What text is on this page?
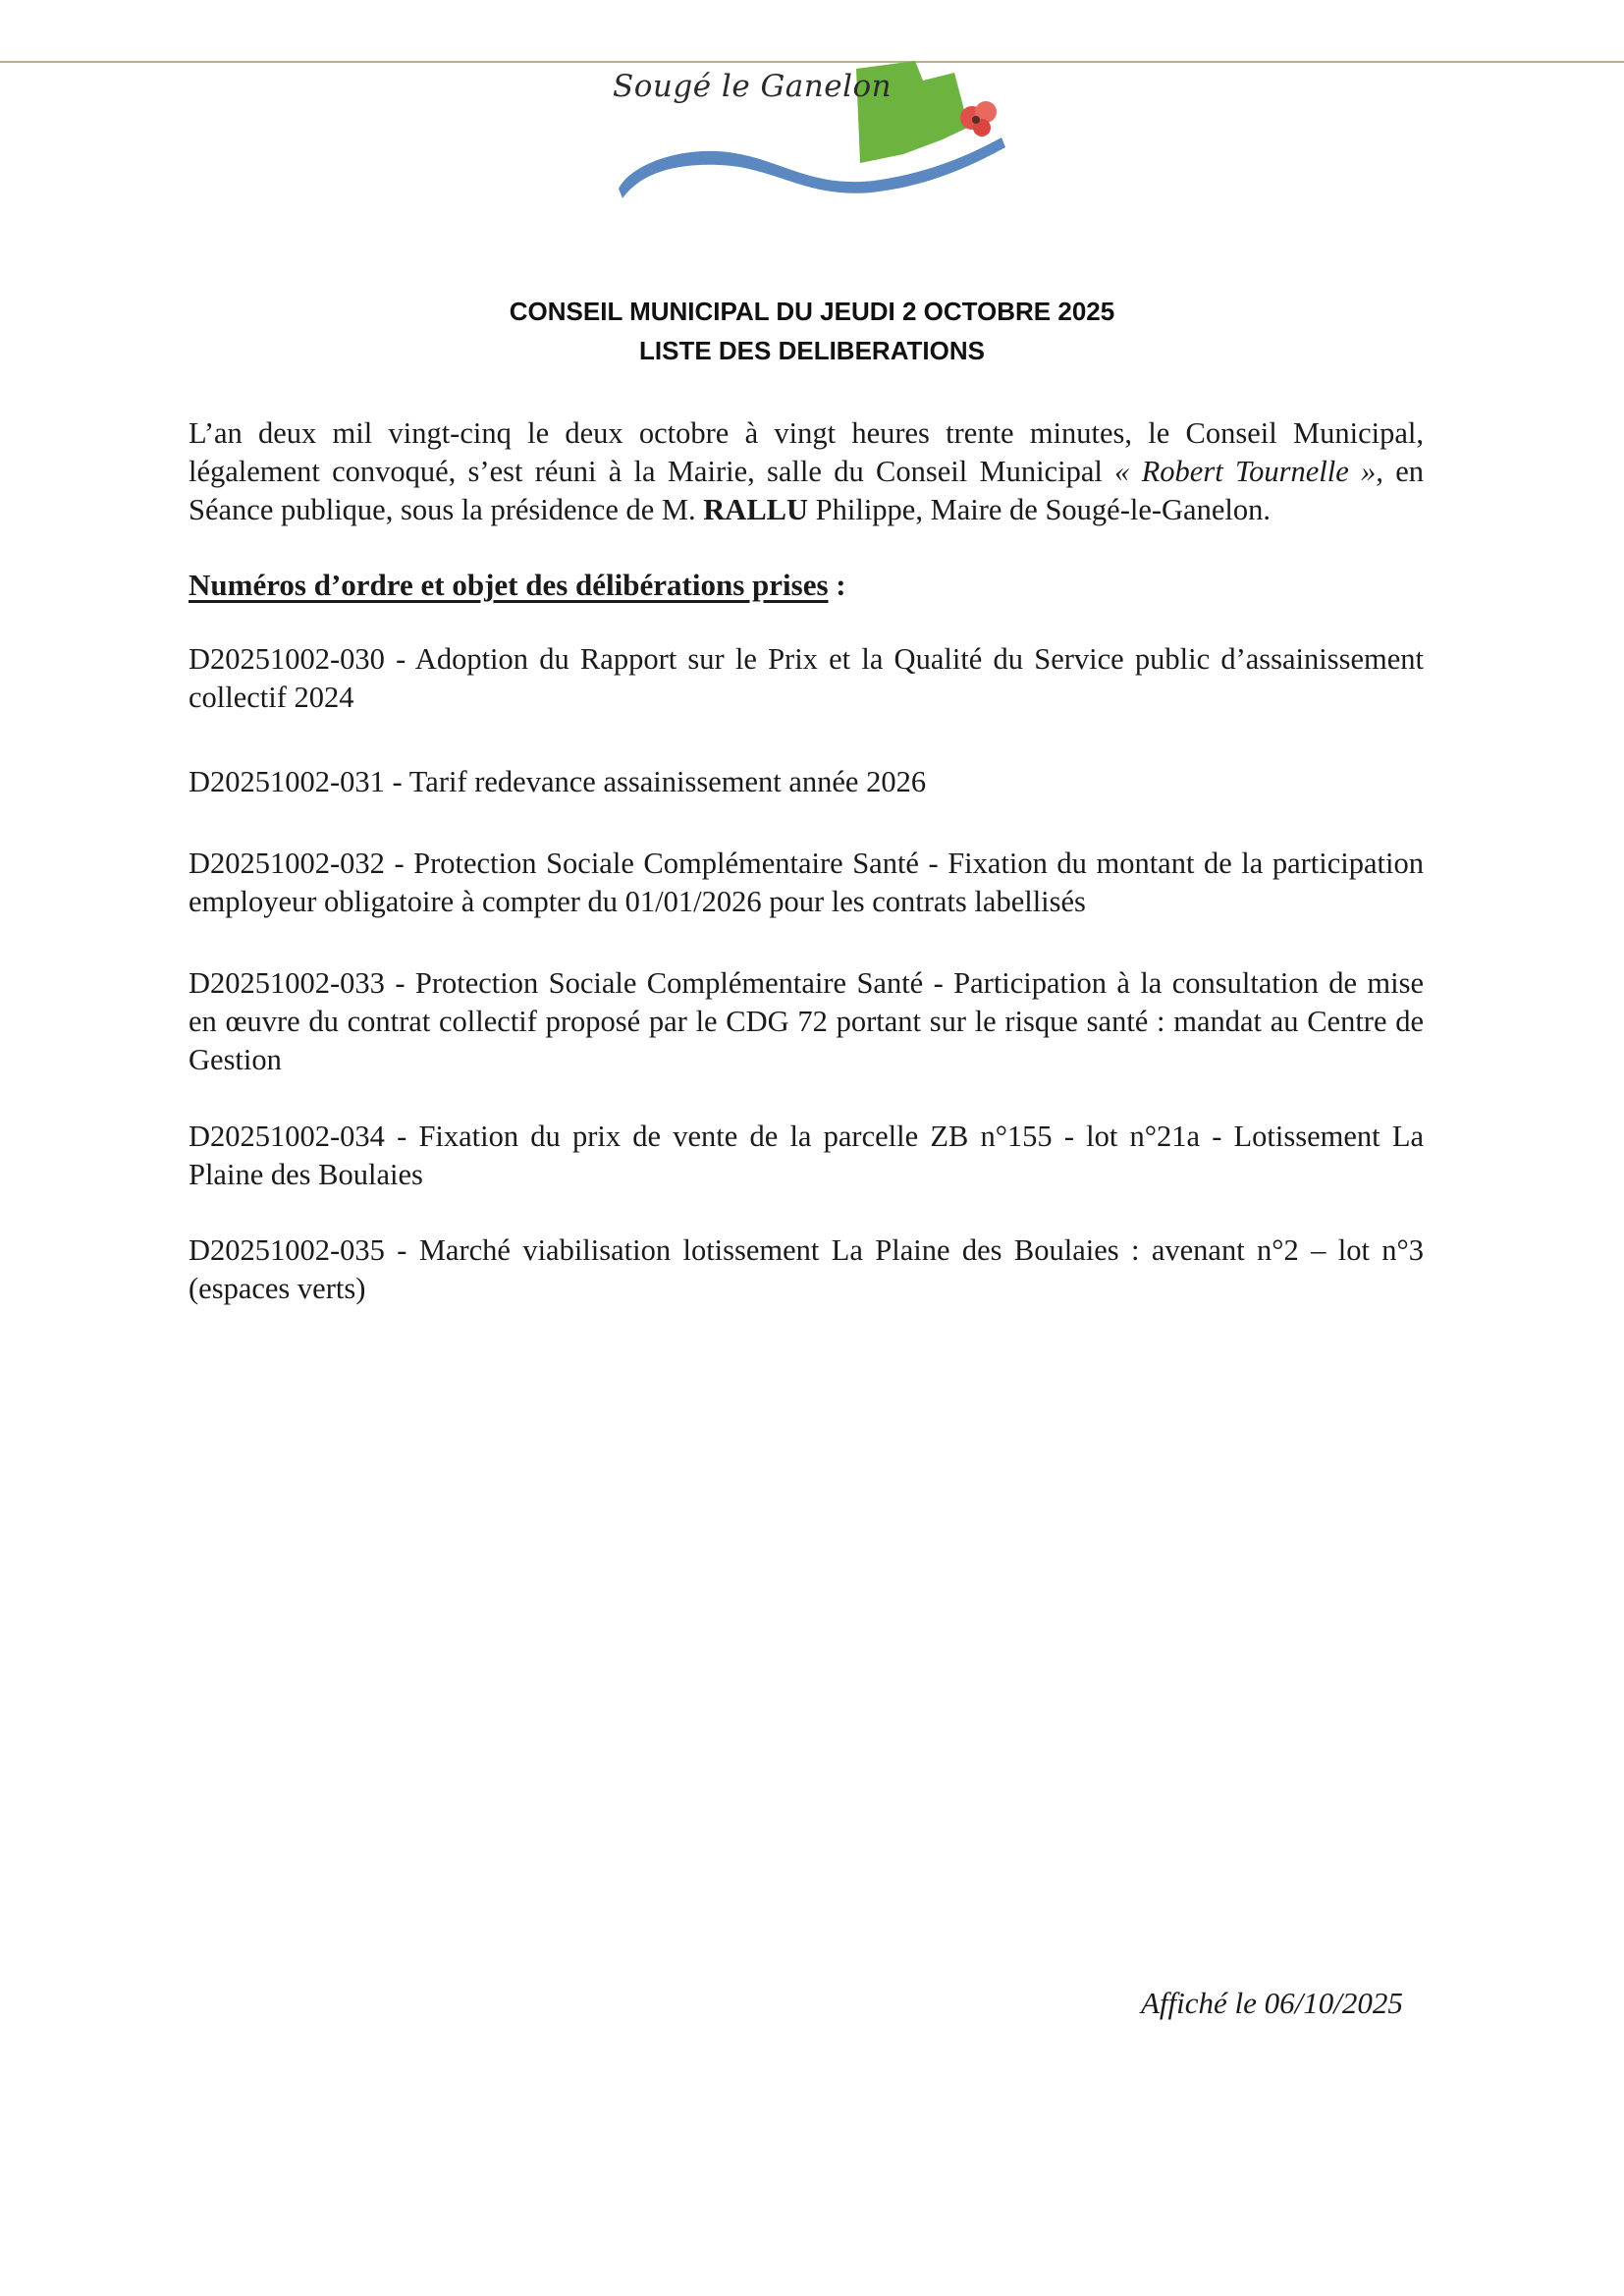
Sougé le Ganelon
CONSEIL MUNICIPAL DU JEUDI 2 OCTOBRE 2025
LISTE DES DELIBERATIONS
L’an deux mil vingt-cinq le deux octobre à vingt heures trente minutes, le Conseil Municipal, légalement convoqué, s’est réuni à la Mairie, salle du Conseil Municipal « Robert Tournelle », en Séance publique, sous la présidence de M. RALLU Philippe, Maire de Sougé-le-Ganelon.
Numéros d’ordre et objet des délibérations prises :
D20251002-030 - Adoption du Rapport sur le Prix et la Qualité du Service public d’assainissement collectif 2024
D20251002-031 - Tarif redevance assainissement année 2026
D20251002-032 - Protection Sociale Complémentaire Santé - Fixation du montant de la participation employeur obligatoire à compter du 01/01/2026 pour les contrats labellisés
D20251002-033 - Protection Sociale Complémentaire Santé - Participation à la consultation de mise en œuvre du contrat collectif proposé par le CDG 72 portant sur le risque santé : mandat au Centre de Gestion
D20251002-034 - Fixation du prix de vente de la parcelle ZB n°155 - lot n°21a - Lotissement La Plaine des Boulaies
D20251002-035 - Marché viabilisation lotissement La Plaine des Boulaies : avenant n°2 – lot n°3 (espaces verts)
Affiché le 06/10/2025
